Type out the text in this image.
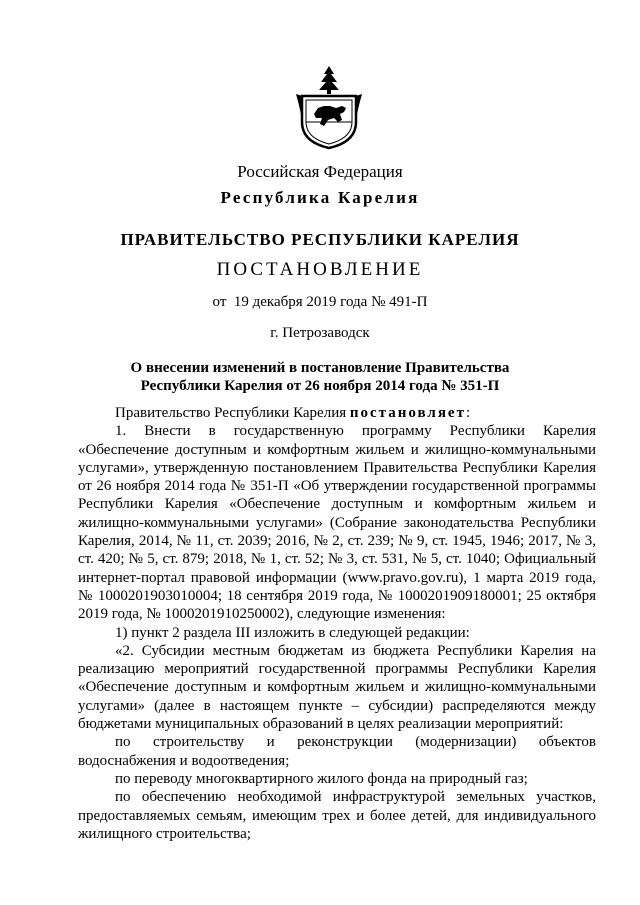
Российская Федерация
Республика Карелия
ПРАВИТЕЛЬСТВО РЕСПУБЛИКИ КАРЕЛИЯ
ПОСТАНОВЛЕНИЕ
от  19 декабря 2019 года № 491-П
г. Петрозаводск
О внесении изменений в постановление Правительства
Республики Карелия от 26 ноября 2014 года № 351-П

Правительство Республики Карелия постановляет:

1. Внести в государственную программу Республики Карелия «Обеспечение доступным и комфортным жильем и жилищно-коммунальными услугами», утвержденную постановлением Правительства Республики Карелия от 26 ноября 2014 года № 351-П «Об утверждении государственной программы Республики Карелия «Обеспечение доступным и комфортным жильем и жилищно-коммунальными услугами» (Собрание законодательства Республики Карелия, 2014, № 11, ст. 2039; 2016, № 2, ст. 239; № 9, ст. 1945, 1946; 2017, № 3, ст. 420; № 5, ст. 879; 2018, № 1, ст. 52; № 3, ст. 531, № 5, ст. 1040; Официальный интернет-портал правовой информации (www.pravo.gov.ru), 1 марта 2019 года, № 1000201903010004; 18 сентября 2019 года, № 1000201909180001; 25 октября 2019 года, № 1000201910250002), следующие изменения:

1) пункт 2 раздела III изложить в следующей редакции:

«2. Субсидии местным бюджетам из бюджета Республики Карелия на реализацию мероприятий государственной программы Республики Карелия «Обеспечение доступным и комфортным жильем и жилищно-коммунальными услугами» (далее в настоящем пункте – субсидии) распределяются между бюджетами муниципальных образований в целях реализации мероприятий:

по строительству и реконструкции (модернизации) объектов водоснабжения и водоотведения;

по переводу многоквартирного жилого фонда на природный газ;

по обеспечению необходимой инфраструктурой земельных участков, предоставляемых семьям, имеющим трех и более детей, для индивидуального жилищного строительства;
